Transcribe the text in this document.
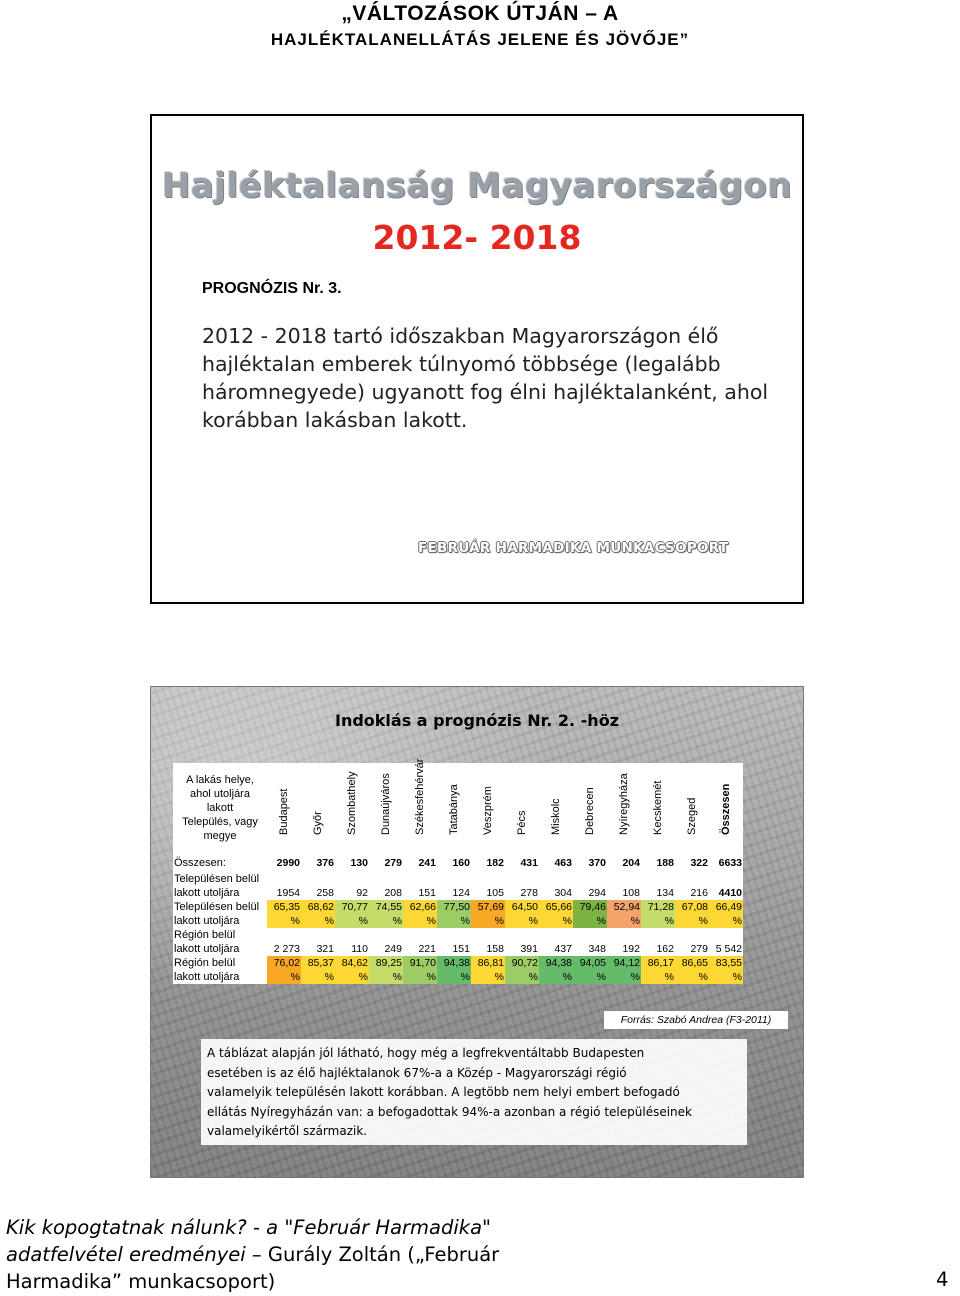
„VÁLTOZÁSOK ÚTJÁN – A
HAJLÉKTALANELLÁTÁS JELENE ÉS JÖVŐJE”
Hajléktalanság Magyarországon
2012- 2018
PROGNÓZIS Nr. 3.
2012 - 2018 tartó időszakban Magyarországon élő
hajléktalan emberek túlnyomó többsége (legalább
háromnegyede) ugyanott fog élni hajléktalanként, ahol
korábban lakásban lakott.
FEBRUÁR HARMADIKA MUNKACSOPORT
Indoklás a prognózis Nr. 2. -höz
A lakás helye,
ahol utoljára
lakott
Település, vagy
megye	Budapest	Győr	Szombathely	Dunaújváros	Székesfehérvár	Tatabánya	Veszprém	Pécs	Miskolc	Debrecen	Nyíregyháza	Kecskemét	Szeged	Összesen

Összesen:	2990	376	130	279	241	160	182	431	463	370	204	188	322	6633

Településen belül
lakott utoljára	1954	258	92	208	151	124	105	278	304	294	108	134	216	4410

Településen belül
lakott utoljára	65,35 %	68,62 %	70,77 %	74,55 %	62,66 %	77,50 %	57,69 %	64,50 %	65,66 %	79,46 %	52,94 %	71,28 %	67,08 %	66,49 %

Régión belül
lakott utoljára	2 273	321	110	249	221	151	158	391	437	348	192	162	279	5 542

Régión belül
lakott utoljára	76,02 %	85,37 %	84,62 %	89,25 %	91,70 %	94,38 %	86,81 %	90,72 %	94,38 %	94,05 %	94,12 %	86,17 %	86,65 %	83,55 %
Forrás: Szabó Andrea (F3-2011)
A táblázat alapján jól látható, hogy még a legfrekventáltabb Budapesten
esetében is az élő hajléktalanok 67%-a a Közép - Magyarországi régió
valamelyik településén lakott korábban. A legtöbb nem helyi embert befogadó
ellátás Nyíregyházán van: a befogadottak 94%-a azonban a régió településeinek
valamelyikértől származik.
Kik kopogtatnak nálunk? - a "Február Harmadika"
adatfelvétel eredményei – Gurály Zoltán („Február
Harmadika” munkacsoport)	4
